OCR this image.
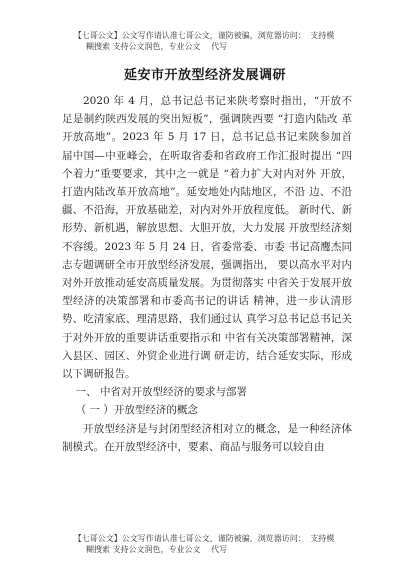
【七哥公文】公文写作请认准七哥公文，谨防被骗，浏览器访问： 支持模
糊搜索 支持公文润色，专业公文 代写
延安市开放型经济发展调研

2020 年 4 月，总书记总书记来陕考察时指出，“开放不 足是制约陕西发展的突出短板”，强调陕西要 “打造内陆改 革开放高地”。2023 年 5 月 17 日，总书记总书记来陕参加首 届中国—中亚峰会，在听取省委和省政府工作汇报时提出 “四个着力”重要要求，其中之一就是 “着力扩大对内对外 开放，打造内陆改革开放高地”。延安地处内陆地区，不沿 边、不沿疆、不沿海，开放基础差，对内对外开放程度低。 新时代、新形势、新机遇，解放思想、大胆开放，大力发展 开放型经济刻不容缓。2023 年 5 月 24 日，省委常委、市委 书记高鹰杰同志专题调研全市开放型经济发展，强调指出， 要以高水平对内对外开放推动延安高质量发展。为贯彻落实 中省关于发展开放型经济的决策部署和市委高书记的讲话 精神，进一步认清形势、吃清家底、理清思路，我们通过认 真学习总书记总书记关于对外开放的重要讲话重要指示和 中省有关决策部署精神，深入县区、园区、外贸企业进行调 研走访，结合延安实际，形成以下调研报告。

一、 中省对开放型经济的要求与部署

（ 一 ）开放型经济的概念

开放型经济是与封闭型经济相对立的概念，是一种经济体制模式。在开放型经济中，要素、商品与服务可以较自由

【七哥公文】公文写作请认准七哥公文，谨防被骗，浏览器访问： 支持模
糊搜索 支持公文润色，专业公文 代写
